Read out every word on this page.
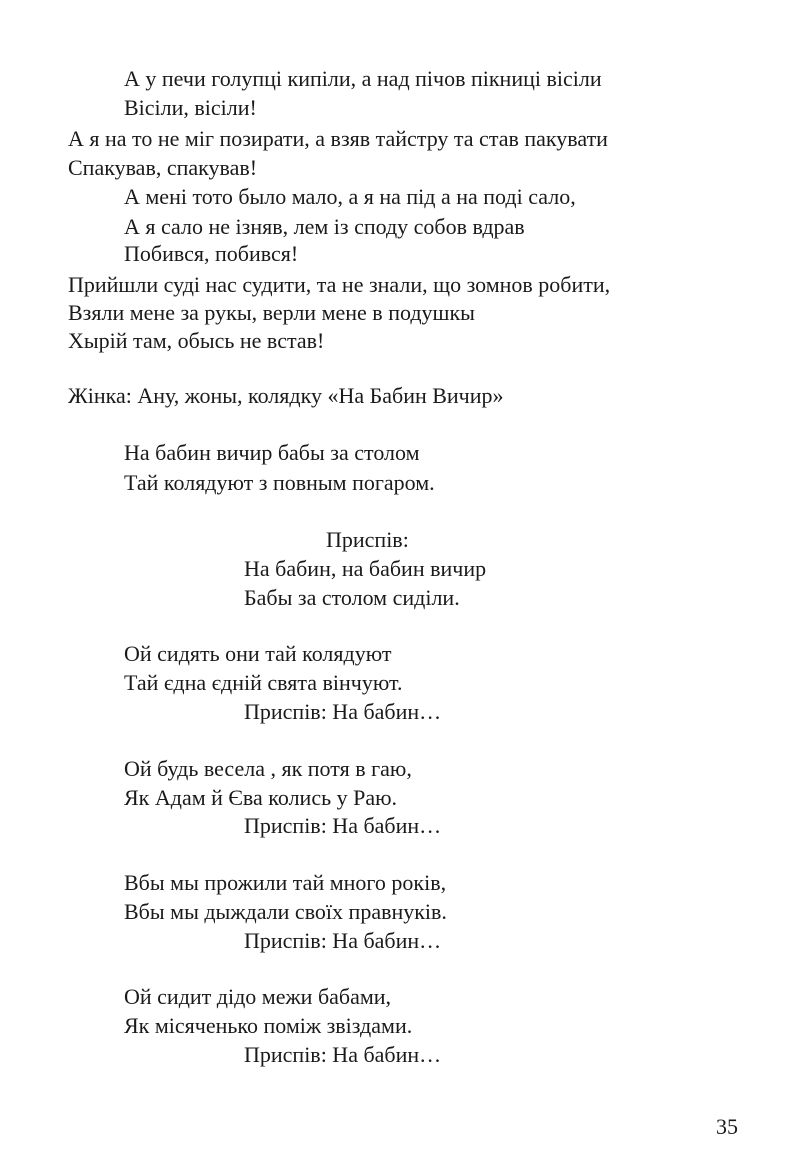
А у печи голупці кипіли, а над пічов пікниці вісіли
Вісіли, вісіли!
А я на то не міг позирати, а взяв тайстру та став пакувати
Спакував, спакував!
А мені тото было мало, а я на під а на поді сало,
А я сало не ізняв, лем із споду собов вдрав
Побився, побився!
Прийшли суді нас судити, та не знали, що зомнов робити,
Взяли мене за рукы, верли мене в подушкы
Хырій там, обысь не встав!
Жінка: Ану, жоны, колядку «На Бабин Вичир»
На бабин вичир бабы за столом
Тай колядуют з повным погаром.
Приспів:
На бабин, на бабин вичир
Бабы за столом сиділи.
Ой сидять они тай колядуют
Тай єдна єдній свята вінчуют.
Приспів: На бабин…
Ой будь весела , як потя в гаю,
Як Адам й Єва колись у Раю.
Приспів: На бабин…
Вбы мы прожили тай много років,
Вбы мы дыждали своїх правнуків.
Приспів: На бабин…
Ой сидит дідо межи бабами,
Як місяченько поміж звіздами.
Приспів: На бабин…
35
